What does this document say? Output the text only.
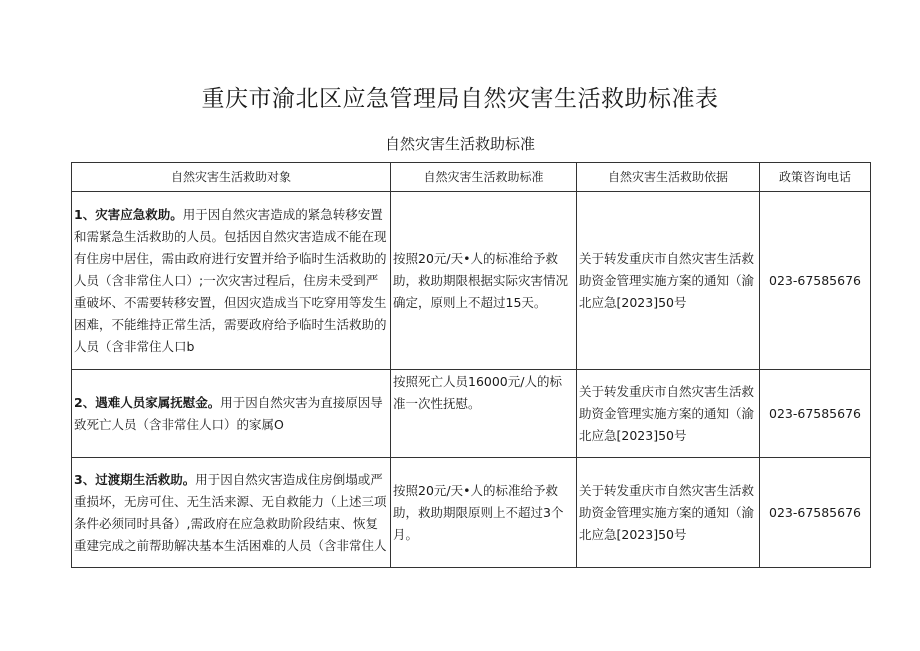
重庆市渝北区应急管理局自然灾害生活救助标准表
自然灾害生活救助标准
自然灾害生活救助对象	自然灾害生活救助标准	自然灾害生活救助依据	政策咨询电话
1、灾害应急救助。用于因自然灾害造成的紧急转移安置和需紧急生活救助的人员。包括因自然灾害造成不能在现有住房中居住，需由政府进行安置并给予临时生活救助的人员（含非常住人口）;一次灾害过程后，住房未受到严重破坏、不需要转移安置，但因灾造成当下吃穿用等发生困难，不能维持正常生活，需要政府给予临时生活救助的人员（含非常住人口b	按照20元/天•人的标准给予救助，救助期限根据实际灾害情况确定，原则上不超过15天。	关于转发重庆市自然灾害生活救助资金管理实施方案的通知（渝北应急[2023]50号	023-67585676
2、遇难人员家属抚慰金。用于因自然灾害为直接原因导致死亡人员（含非常住人口）的家属O	按照死亡人员16000元/人的标准一次性抚慰。	关于转发重庆市自然灾害生活救助资金管理实施方案的通知（渝北应急[2023]50号	023-67585676
3、过渡期生活救助。用于因自然灾害造成住房倒塌或严重损坏，无房可住、无生活来源、无自救能力（上述三项条件必须同时具备）,需政府在应急救助阶段结束、恢复重建完成之前帮助解决基本生活困难的人员（含非常住人	按照20元/天•人的标准给予救助，救助期限原则上不超过3个月。	关于转发重庆市自然灾害生活救助资金管理实施方案的通知（渝北应急[2023]50号	023-67585676
